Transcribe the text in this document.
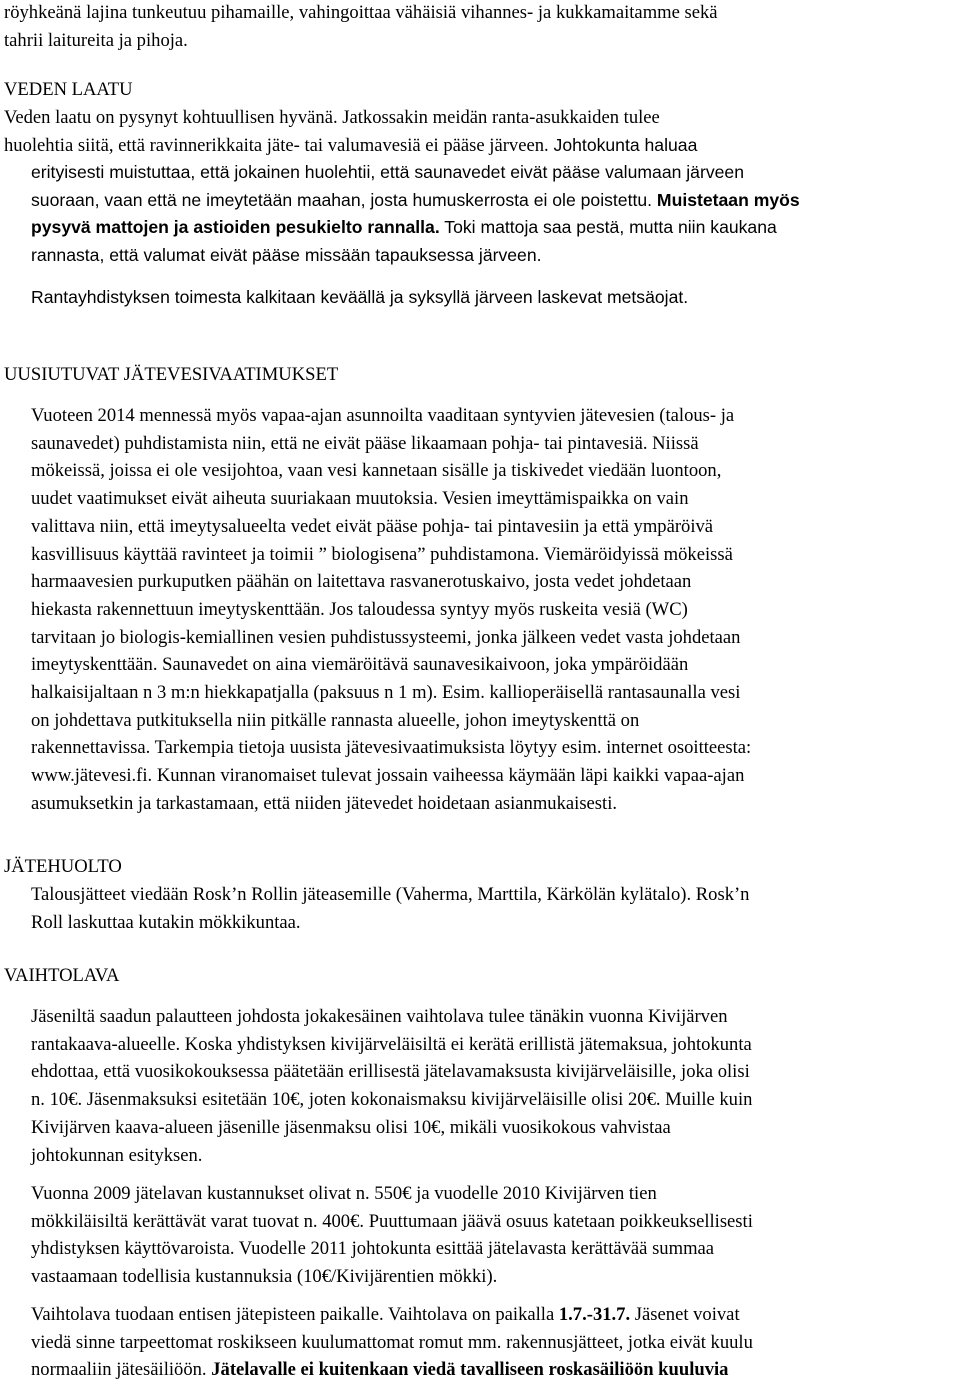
röyhkeänä lajina tunkeutuu pihamaille, vahingoittaa vähäisiä vihannes- ja kukkamaitamme sekä
tahrii laitureita ja pihoja.

VEDEN LAATU

Veden laatu on pysynyt kohtuullisen hyvänä. Jatkossakin meidän ranta-asukkaiden tulee
huolehtia siitä, että ravinnerikkaita jäte- tai valumavesiä ei pääse järveen. Johtokunta haluaa

erityisesti muistuttaa, että jokainen huolehtii, että saunavedet eivät pääse valumaan järveen
suoraan, vaan että ne imeytetään maahan, josta humuskerrosta ei ole poistettu. Muistetaan myös
pysyvä mattojen ja astioiden pesukielto rannalla. Toki mattoja saa pestä, mutta niin kaukana
rannasta, että valumat eivät pääse missään tapauksessa järveen.

Rantayhdistyksen toimesta kalkitaan keväällä ja syksyllä järveen laskevat metsäojat.

UUSIUTUVAT JÄTEVESIVAATIMUKSET

Vuoteen 2014 mennessä myös vapaa-ajan asunnoilta vaaditaan syntyvien jätevesien (talous- ja
saunavedet) puhdistamista niin, että ne eivät pääse likaamaan pohja- tai pintavesiä. Niissä
mökeissä, joissa ei ole vesijohtoa, vaan vesi kannetaan sisälle ja tiskivedet viedään luontoon,
uudet vaatimukset eivät aiheuta suuriakaan muutoksia. Vesien imeyttämispaikka on vain
valittava niin, että imeytysalueelta vedet eivät pääse pohja- tai pintavesiin ja että ympäröivä
kasvillisuus käyttää ravinteet ja toimii ” biologisena” puhdistamona. Viemäröidyissä mökeissä
harmaavesien purkuputken päähän on laitettava rasvanerotuskaivo, josta vedet johdetaan
hiekasta rakennettuun imeytyskenttään. Jos taloudessa syntyy myös ruskeita vesiä (WC)
tarvitaan jo biologis-kemiallinen vesien puhdistussysteemi, jonka jälkeen vedet vasta johdetaan
imeytyskenttään. Saunavedet on aina viemäröitävä saunavesikaivoon, joka ympäröidään
halkaisijaltaan n 3 m:n hiekkapatjalla (paksuus n 1 m). Esim. kallioperäisellä rantasaunalla vesi
on johdettava putkituksella niin pitkälle rannasta alueelle, johon imeytyskenttä on
rakennettavissa. Tarkempia tietoja uusista jätevesivaatimuksista löytyy esim. internet osoitteesta:
www.jätevesi.fi. Kunnan viranomaiset tulevat jossain vaiheessa käymään läpi kaikki vapaa-ajan
asumuksetkin ja tarkastamaan, että niiden jätevedet hoidetaan asianmukaisesti.

JÄTEHUOLTO

Talousjätteet viedään Rosk’n Rollin jäteasemille (Vaherma, Marttila, Kärkölän kylätalo). Rosk’n
Roll laskuttaa kutakin mökkikuntaa.

VAIHTOLAVA

Jäseniltä saadun palautteen johdosta jokakesäinen vaihtolava tulee tänäkin vuonna Kivijärven
rantakaava-alueelle. Koska yhdistyksen kivijärveläisiltä ei kerätä erillistä jätemaksua, johtokunta
ehdottaa, että vuosikokouksessa päätetään erillisestä jätelavamaksusta kivijärveläisille, joka olisi
n. 10€. Jäsenmaksuksi esitetään 10€, joten kokonaismaksu kivijärveläisille olisi 20€. Muille kuin
Kivijärven kaava-alueen jäsenille jäsenmaksu olisi 10€, mikäli vuosikokous vahvistaa
johtokunnan esityksen.

Vuonna 2009 jätelavan kustannukset olivat n. 550€ ja vuodelle 2010 Kivijärven tien
mökkiläisiltä kerättävät varat tuovat n. 400€. Puuttumaan jäävä osuus katetaan poikkeuksellisesti
yhdistyksen käyttövaroista. Vuodelle 2011 johtokunta esittää jätelavasta kerättävää summaa
vastaamaan todellisia kustannuksia (10€/Kivijärentien mökki).

Vaihtolava tuodaan entisen jätepisteen paikalle. Vaihtolava on paikalla 1.7.-31.7. Jäsenet voivat
viedä sinne tarpeettomat roskikseen kuulumattomat romut mm. rakennusjätteet, jotka eivät kuulu
normaaliin jätesäiliöön. Jätelavalle ei kuitenkaan viedä tavalliseen roskasäiliöön kuuluvia
